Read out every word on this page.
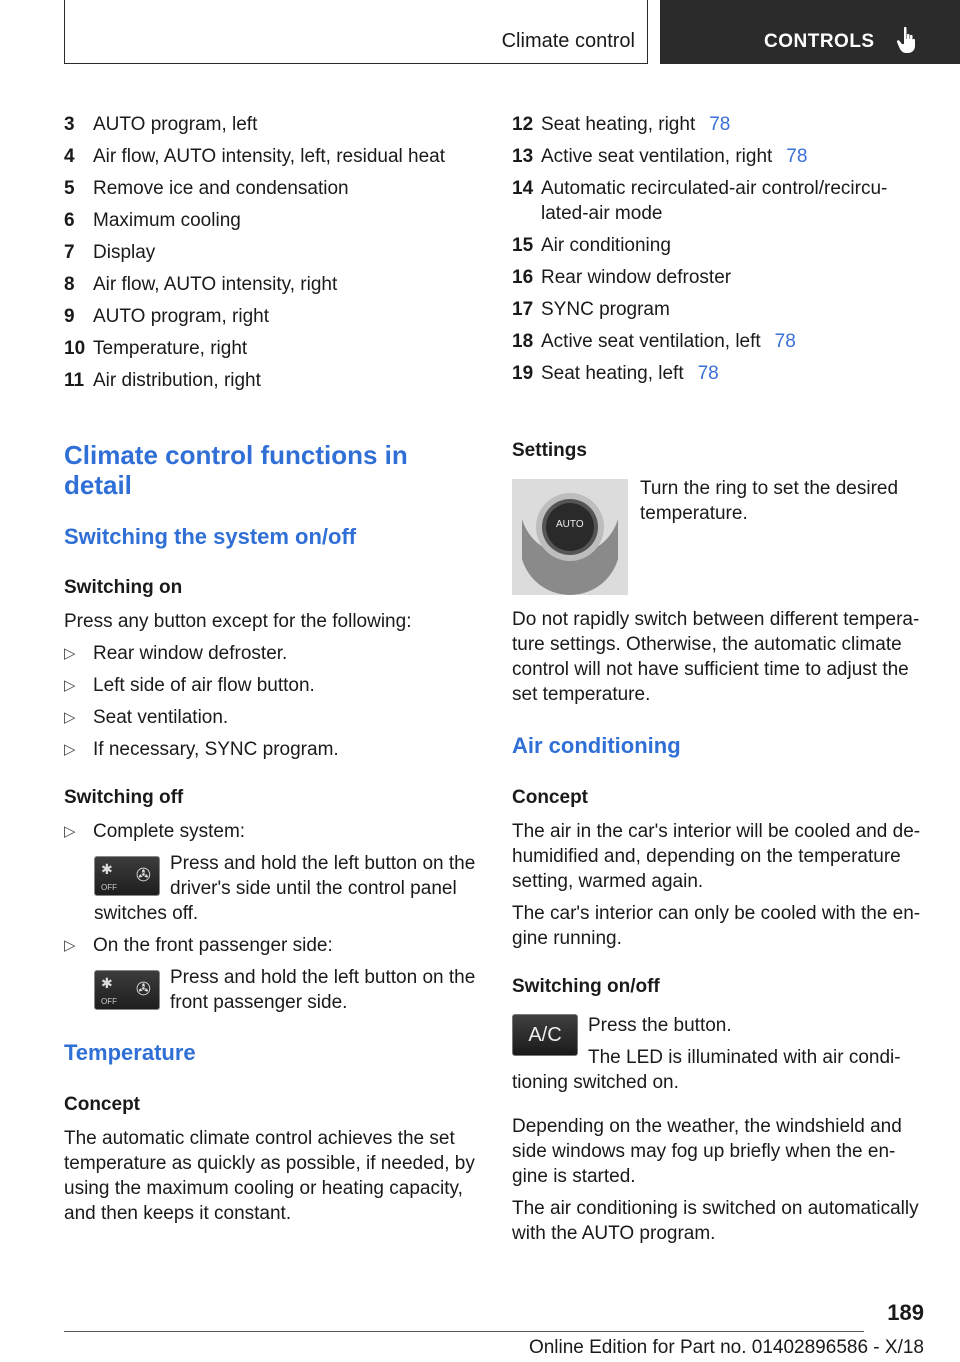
Climate control	CONTROLS
3 AUTO program, left
4 Air flow, AUTO intensity, left, residual heat
5 Remove ice and condensation
6 Maximum cooling
7 Display
8 Air flow, AUTO intensity, right
9 AUTO program, right
10 Temperature, right
11 Air distribution, right

Climate control functions in
detail

Switching the system on/off

Switching on

Press any button except for the following:

▷ Rear window defroster.
▷ Left side of air flow button.
▷ Seat ventilation.
▷ If necessary, SYNC program.

Switching off

▷ Complete system:
✱ ✇
OFF

Press and hold the left button on the
driver's side until the control panel

switches off.

▷ On the front passenger side:
✱ ✇
OFF

Press and hold the left button on the
front passenger side.

Temperature

Concept

The automatic climate control achieves the set
temperature as quickly as possible, if needed, by
using the maximum cooling or heating capacity,
and then keeps it constant.

12 Seat heating, right 78
13 Active seat ventilation, right 78
14 Automatic recirculated-air control/recircu-
lated-air mode
15 Air conditioning
16 Rear window defroster
17 SYNC program
18 Active seat ventilation, left 78
19 Seat heating, left 78

Settings

AUTO

Turn the ring to set the desired
temperature.

Do not rapidly switch between different tempera-
ture settings. Otherwise, the automatic climate
control will not have sufficient time to adjust the
set temperature.

Air conditioning

Concept

The air in the car's interior will be cooled and de-
humidified and, depending on the temperature
setting, warmed again.

The car's interior can only be cooled with the en-
gine running.

Switching on/off

A/C	Press the button.

The LED is illuminated with air condi-

tioning switched on.

Depending on the weather, the windshield and
side windows may fog up briefly when the en-
gine is started.

The air conditioning is switched on automatically
with the AUTO program.

189
Online Edition for Part no. 01402896586 - X/18
